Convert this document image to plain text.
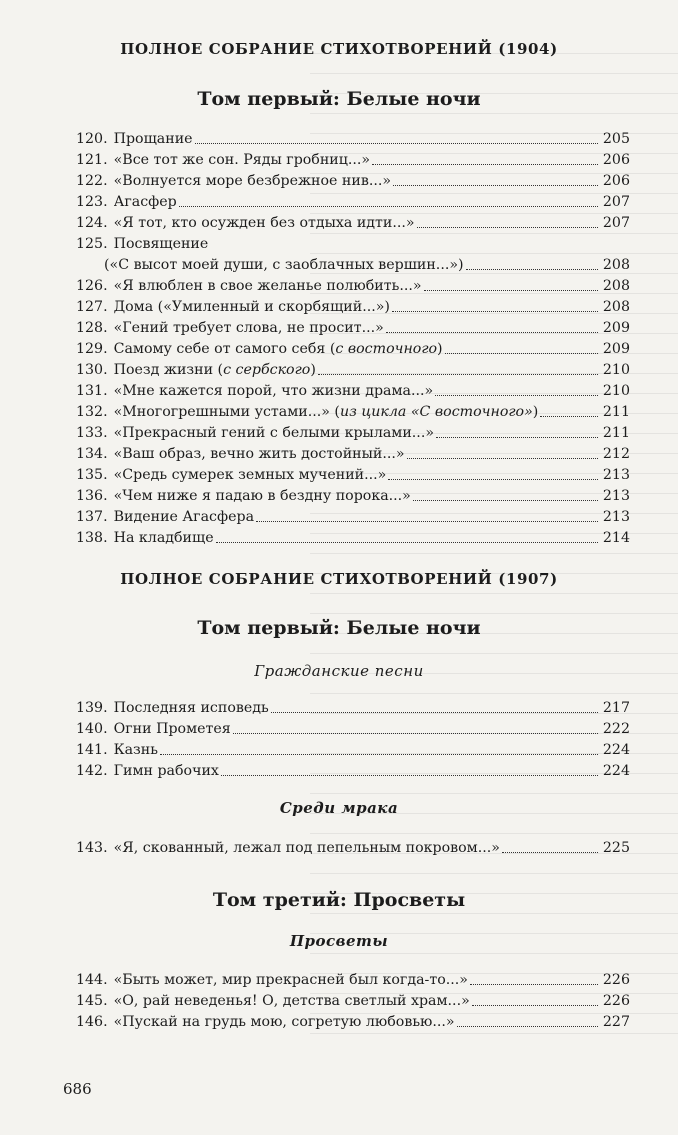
ПОЛНОЕ СОБРАНИЕ СТИХОТВОРЕНИЙ (1904)
Том первый: Белые ночи
120. Прощание	205
121. «Все тот же сон. Ряды гробниц...»	206
122. «Волнуется море безбрежное нив...»	206
123. Агасфер	207
124. «Я тот, кто осужден без отдыха идти...»	207
125. Посвящение
(«С высот моей души, с заоблачных вершин...»)	208
126. «Я влюблен в свое желанье полюбить...»	208
127. Дома («Умиленный и скорбящий...»)	208
128. «Гений требует слова, не просит...»	209
129. Самому себе от самого себя (с восточного)	209
130. Поезд жизни (с сербского)	210
131. «Мне кажется порой, что жизни драма...»	210
132. «Многогрешными устами...» (из цикла «С восточного»)	211
133. «Прекрасный гений с белыми крылами...»	211
134. «Ваш образ, вечно жить достойный...»	212
135. «Средь сумерек земных мучений...»	213
136. «Чем ниже я падаю в бездну порока...»	213
137. Видение Агасфера	213
138. На кладбище	214
ПОЛНОЕ СОБРАНИЕ СТИХОТВОРЕНИЙ (1907)
Том первый: Белые ночи
Гражданские песни
139. Последняя исповедь	217
140. Огни Прометея	222
141. Казнь	224
142. Гимн рабочих	224
Среди мрака
143. «Я, скованный, лежал под пепельным покровом...»	225
Том третий: Просветы
Просветы
144. «Быть может, мир прекрасней был когда-то...»	226
145. «О, рай неведенья! О, детства светлый храм...»	226
146. «Пускай на грудь мою, согретую любовью...»	227
686
